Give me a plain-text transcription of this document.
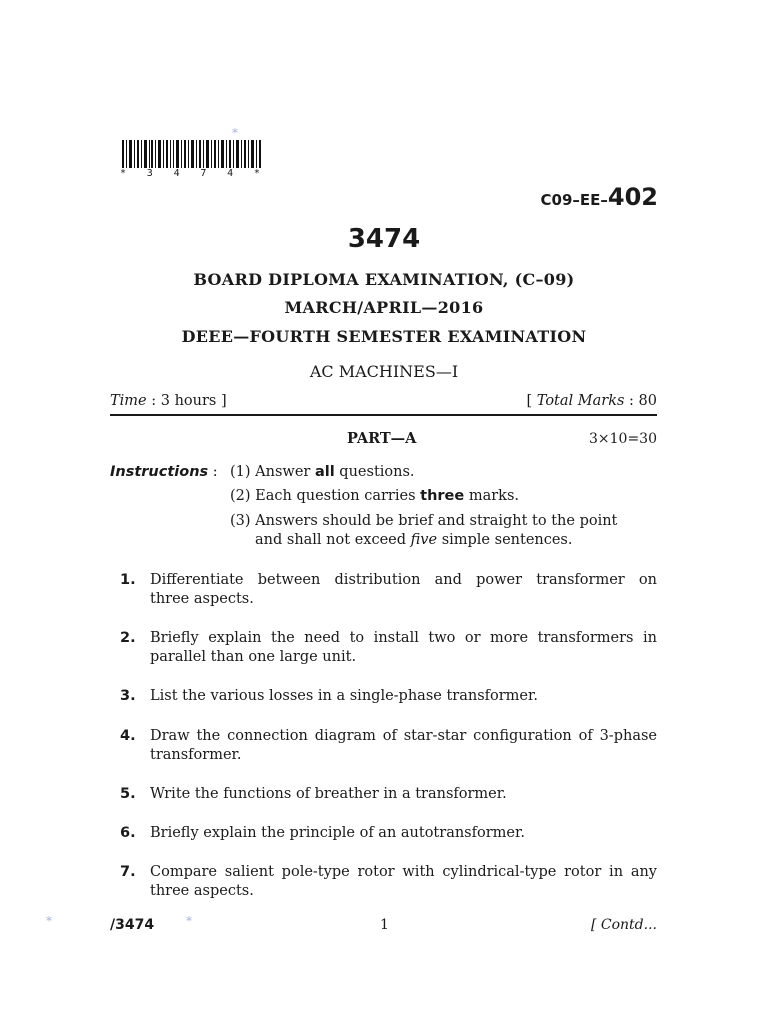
*
*	*
* 3 4 7 4 *
C09–EE–402
3474
BOARD DIPLOMA EXAMINATION, (C–09)
MARCH/APRIL—2016
DEEE—FOURTH SEMESTER EXAMINATION
AC MACHINES—I
Time : 3 hours ]	[ Total Marks : 80
PART—A	3×10=30
Instructions : (1) Answer all questions.
(2) Each question carries three marks.
(3) Answers should be brief and straight to the point
and shall not exceed five simple sentences.
1. Differentiate between distribution and power transformer on
three aspects.
2. Briefly explain the need to install two or more transformers in
parallel than one large unit.
3. List the various losses in a single-phase transformer.
4. Draw the connection diagram of star-star configuration of 3-phase
transformer.
5. Write the functions of breather in a transformer.
6. Briefly explain the principle of an autotransformer.
7. Compare salient pole-type rotor with cylindrical-type rotor in any
three aspects.
/3474	1	[ Contd...
